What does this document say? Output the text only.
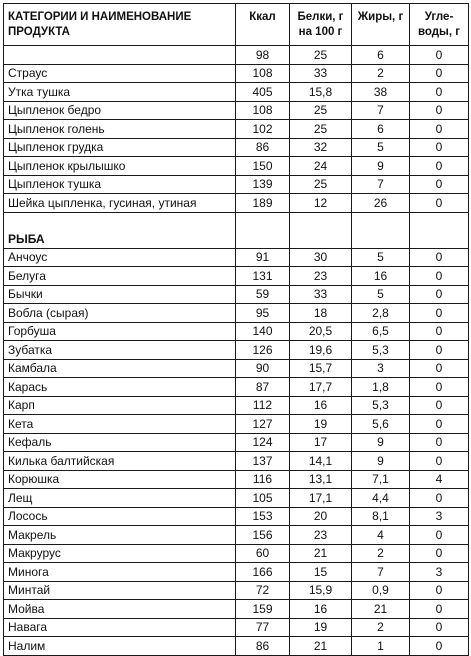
КАТЕГОРИИ И НАИМЕНОВАНИЕ ПРОДУКТА	Ккал	Белки, г на 100 г	Жиры, г	Угле-воды, г
	98	25	6	0
Страус	108	33	2	0
Утка тушка	405	15,8	38	0
Цыпленок бедро	108	25	7	0
Цыпленок голень	102	25	6	0
Цыпленок грудка	86	32	5	0
Цыпленок крылышко	150	24	9	0
Цыпленок тушка	139	25	7	0
Шейка цыпленка, гусиная, утиная	189	12	26	0
РЫБА				
Анчоус	91	30	5	0
Белуга	131	23	16	0
Бычки	59	33	5	0
Вобла (сырая)	95	18	2,8	0
Горбуша	140	20,5	6,5	0
Зубатка	126	19,6	5,3	0
Камбала	90	15,7	3	0
Карась	87	17,7	1,8	0
Карп	112	16	5,3	0
Кета	127	19	5,6	0
Кефаль	124	17	9	0
Килька балтийская	137	14,1	9	0
Корюшка	116	13,1	7,1	4
Лещ	105	17,1	4,4	0
Лосось	153	20	8,1	3
Макрель	156	23	4	0
Макрурус	60	21	2	0
Минога	166	15	7	3
Минтай	72	15,9	0,9	0
Мойва	159	16	21	0
Навага	77	19	2	0
Налим	86	21	1	0
